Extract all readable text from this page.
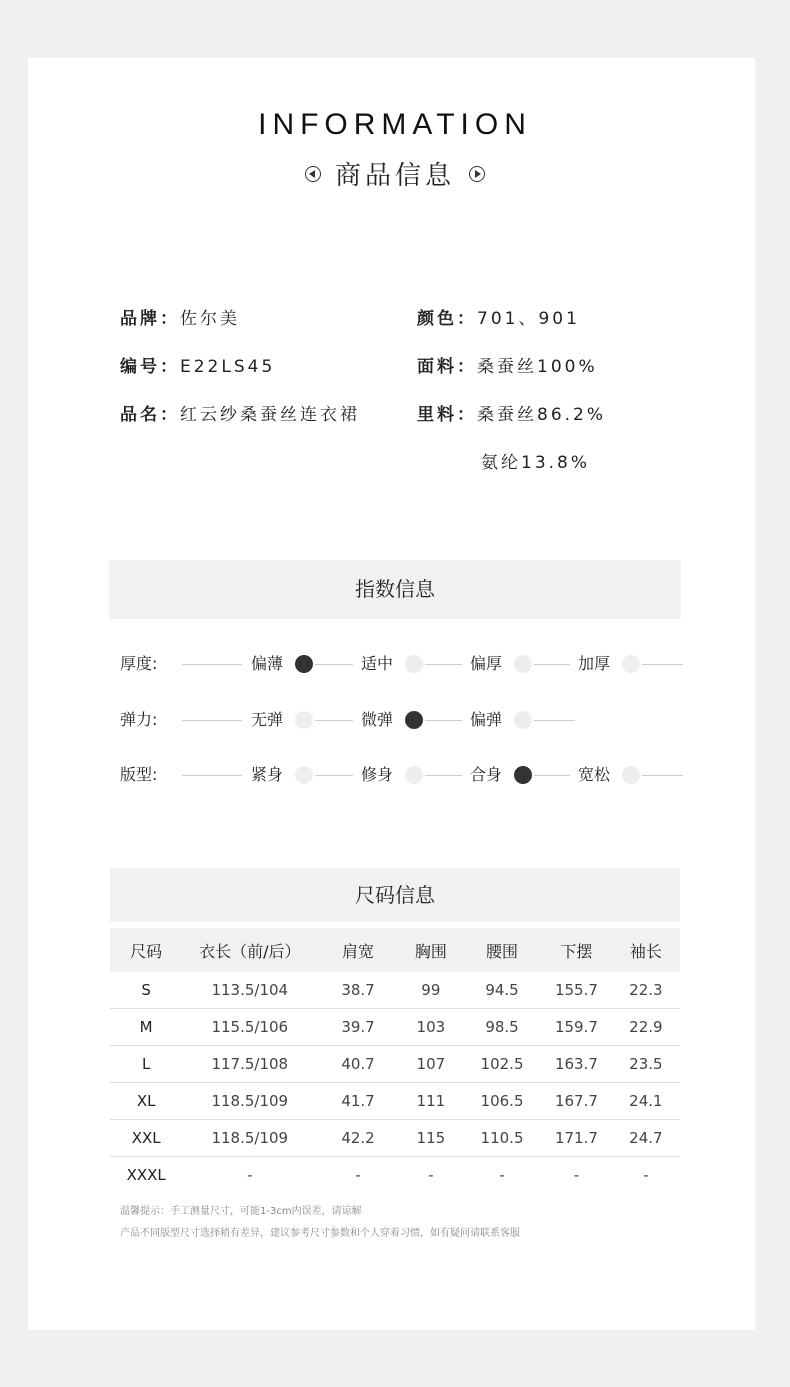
INFORMATION
商品信息
品牌：佐尔美
编号：E22LS45
品名：红云纱桑蚕丝连衣裙
颜色：701、901
面料：桑蚕丝100%
里料：桑蚕丝86.2%
氨纶13.8%
指数信息
厚度:	偏薄	适中	偏厚	加厚
弹力:	无弹	微弹	偏弹
版型:	紧身	修身	合身	宽松
尺码信息
尺码	衣长（前/后）	肩宽	胸围	腰围	下摆	袖长
S	113.5/104	38.7	99	94.5	155.7	22.3
M	115.5/106	39.7	103	98.5	159.7	22.9
L	117.5/108	40.7	107	102.5	163.7	23.5
XL	118.5/109	41.7	111	106.5	167.7	24.1
XXL	118.5/109	42.2	115	110.5	171.7	24.7
XXXL	-	-	-	-	-	-
温馨提示：手工测量尺寸，可能1-3cm内误差，请谅解
产品不同版型尺寸选择稍有差异，建议参考尺寸参数和个人穿着习惯，如有疑问请联系客服
